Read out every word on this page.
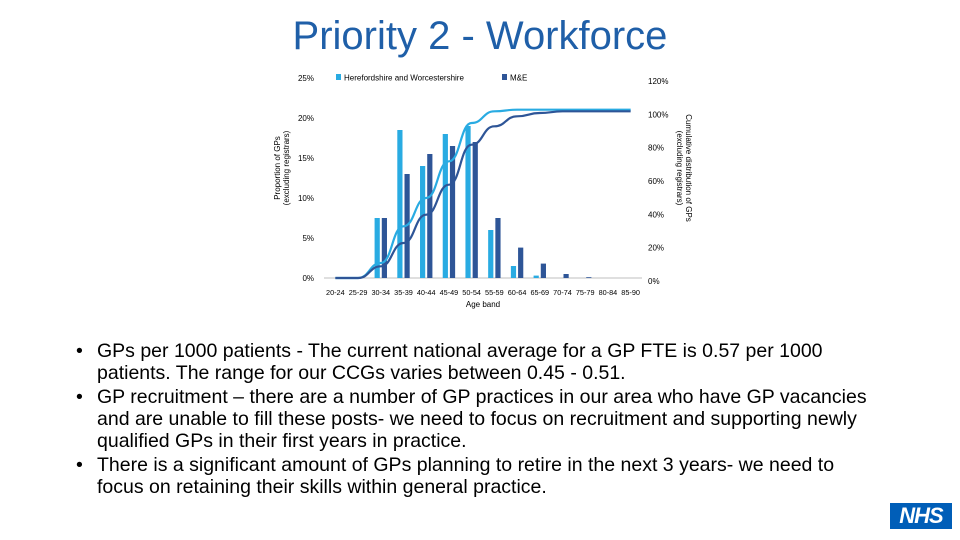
Priority 2 - Workforce
0%
5%
10%
15%
20%
25%
0%
20%
40%
60%
80%
100%
120%
20-24 25-29 30-34 35-39 40-44 45-49 50-54 55-59 60-64 65-69 70-74 75-79 80-84 85-90
Age band
Proportion of GPs(excluding registrars)	Cumulative distribution of GPs(excluding registrars)
Herefordshire and Worcestershire	M&E
• GPs per 1000 patients - The current national average for a GP FTE is 0.57 per 1000 patients. The range for our CCGs varies between 0.45 - 0.51.
• GP recruitment – there are a number of GP practices in our area who have GP vacancies and are unable to fill these posts- we need to focus on recruitment and supporting newly qualified GPs in their first years in practice.
• There is a significant amount of GPs planning to retire in the next 3 years- we need to focus on retaining their skills within general practice.
NHS
